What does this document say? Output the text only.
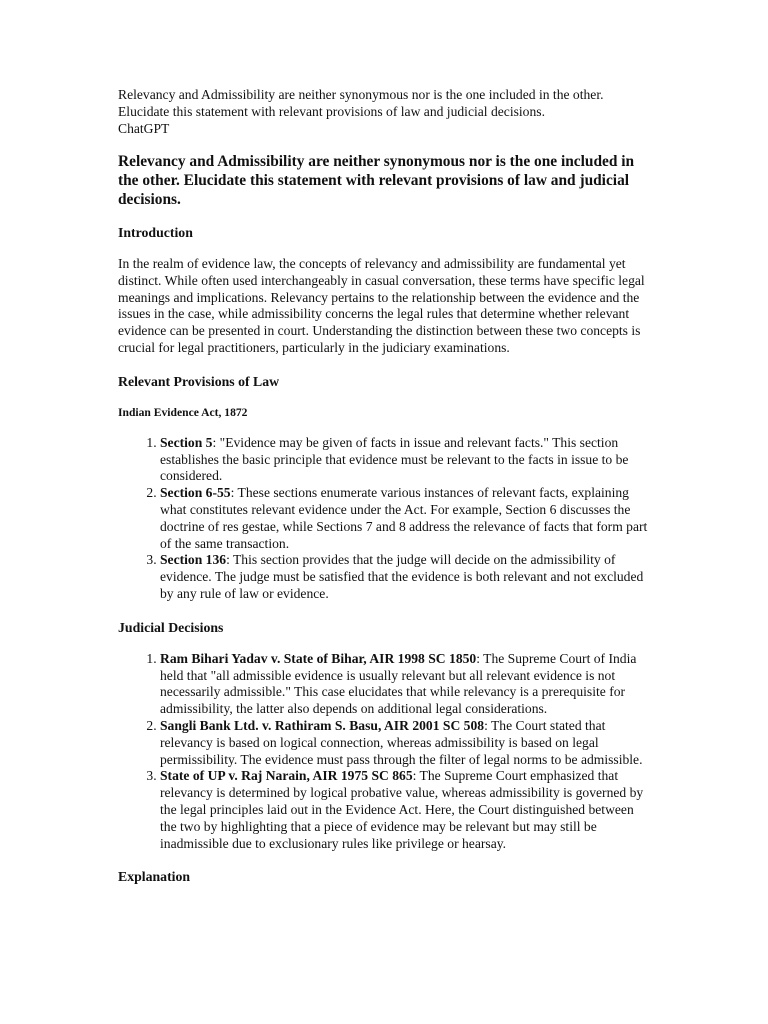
Relevancy and Admissibility are neither synonymous nor is the one included in the other.

Elucidate this statement with relevant provisions of law and judicial decisions.

ChatGPT

Relevancy and Admissibility are neither synonymous nor is the one included in the other. Elucidate this statement with relevant provisions of law and judicial decisions.
Introduction

In the realm of evidence law, the concepts of relevancy and admissibility are fundamental yet distinct. While often used interchangeably in casual conversation, these terms have specific legal meanings and implications. Relevancy pertains to the relationship between the evidence and the issues in the case, while admissibility concerns the legal rules that determine whether relevant evidence can be presented in court. Understanding the distinction between these two concepts is crucial for legal practitioners, particularly in the judiciary examinations.

Relevant Provisions of Law
Indian Evidence Act, 1872
1. Section 5: "Evidence may be given of facts in issue and relevant facts." This section establishes the basic principle that evidence must be relevant to the facts in issue to be considered.
2. Section 6-55: These sections enumerate various instances of relevant facts, explaining what constitutes relevant evidence under the Act. For example, Section 6 discusses the doctrine of res gestae, while Sections 7 and 8 address the relevance of facts that form part of the same transaction.
3. Section 136: This section provides that the judge will decide on the admissibility of evidence. The judge must be satisfied that the evidence is both relevant and not excluded by any rule of law or evidence.
Judicial Decisions
1. Ram Bihari Yadav v. State of Bihar, AIR 1998 SC 1850: The Supreme Court of India held that "all admissible evidence is usually relevant but all relevant evidence is not necessarily admissible." This case elucidates that while relevancy is a prerequisite for admissibility, the latter also depends on additional legal considerations.
2. Sangli Bank Ltd. v. Rathiram S. Basu, AIR 2001 SC 508: The Court stated that relevancy is based on logical connection, whereas admissibility is based on legal permissibility. The evidence must pass through the filter of legal norms to be admissible.
3. State of UP v. Raj Narain, AIR 1975 SC 865: The Supreme Court emphasized that relevancy is determined by logical probative value, whereas admissibility is governed by the legal principles laid out in the Evidence Act. Here, the Court distinguished between the two by highlighting that a piece of evidence may be relevant but may still be inadmissible due to exclusionary rules like privilege or hearsay.
Explanation
